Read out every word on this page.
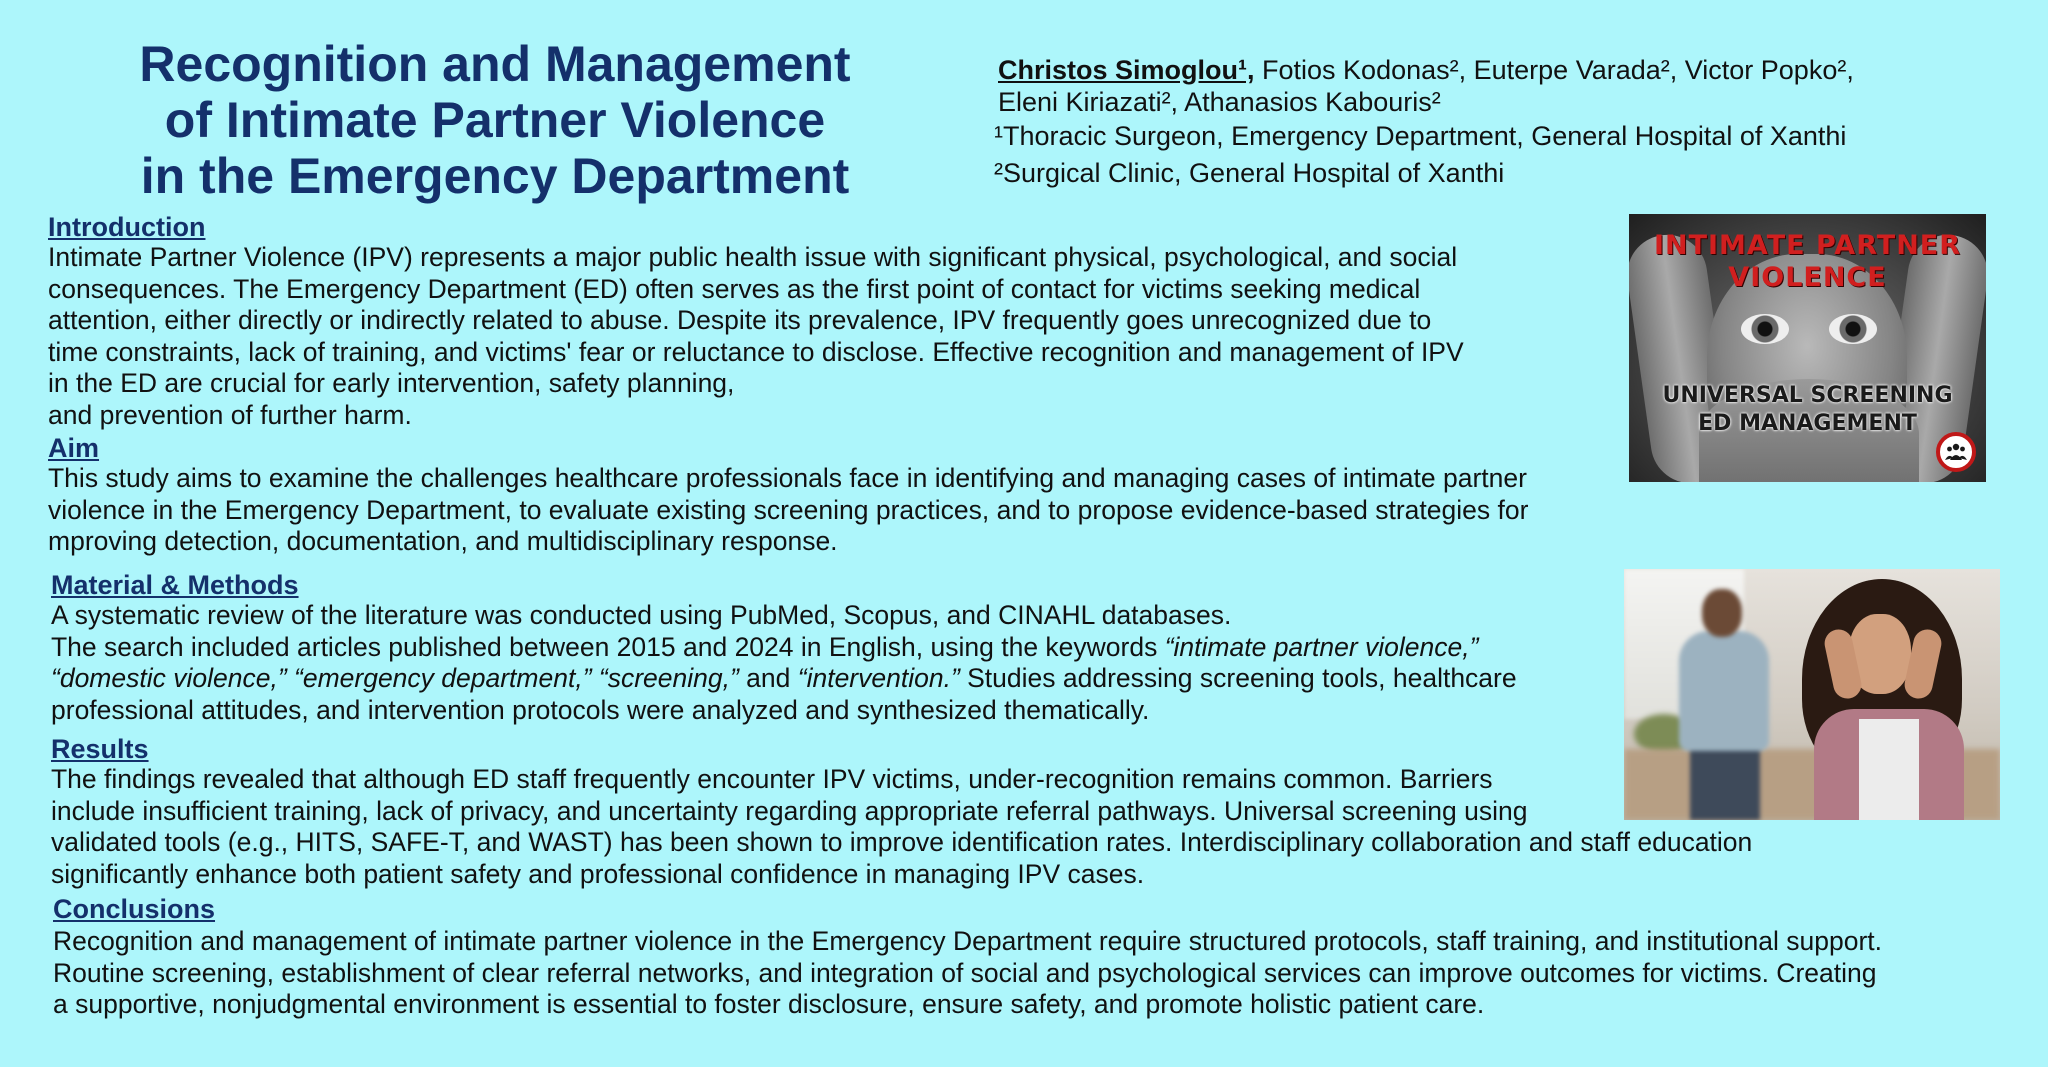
Recognition and Management
of Intimate Partner Violence
in the Emergency Department
Christos Simoglou¹, Fotios Kodonas², Euterpe Varada², Victor Popko²,
Eleni Kiriazati², Athanasios Kabouris²
¹Thoracic Surgeon, Emergency Department, General Hospital of Xanthi
²Surgical Clinic, General Hospital of Xanthi
Introduction
Intimate Partner Violence (IPV) represents a major public health issue with significant physical, psychological, and social
consequences. The Emergency Department (ED) often serves as the first point of contact for victims seeking medical
attention, either directly or indirectly related to abuse. Despite its prevalence, IPV frequently goes unrecognized due to
time constraints, lack of training, and victims' fear or reluctance to disclose. Effective recognition and management of IPV
in the ED are crucial for early intervention, safety planning,
and prevention of further harm.
Aim
This study aims to examine the challenges healthcare professionals face in identifying and managing cases of intimate partner
violence in the Emergency Department, to evaluate existing screening practices, and to propose evidence-based strategies for
mproving detection, documentation, and multidisciplinary response.
Material & Methods
A systematic review of the literature was conducted using PubMed, Scopus, and CINAHL databases.
The search included articles published between 2015 and 2024 in English, using the keywords “intimate partner violence,”
“domestic violence,” “emergency department,” “screening,” and “intervention.” Studies addressing screening tools, healthcare
professional attitudes, and intervention protocols were analyzed and synthesized thematically.
Results
The findings revealed that although ED staff frequently encounter IPV victims, under-recognition remains common. Barriers
include insufficient training, lack of privacy, and uncertainty regarding appropriate referral pathways. Universal screening using
validated tools (e.g., HITS, SAFE-T, and WAST) has been shown to improve identification rates. Interdisciplinary collaboration and staff education
significantly enhance both patient safety and professional confidence in managing IPV cases.
Conclusions
Recognition and management of intimate partner violence in the Emergency Department require structured protocols, staff training, and institutional support.
Routine screening, establishment of clear referral networks, and integration of social and psychological services can improve outcomes for victims. Creating
a supportive, nonjudgmental environment is essential to foster disclosure, ensure safety, and promote holistic patient care.
INTIMATE PARTNER
VIOLENCE
UNIVERSAL SCREENING
ED MANAGEMENT
